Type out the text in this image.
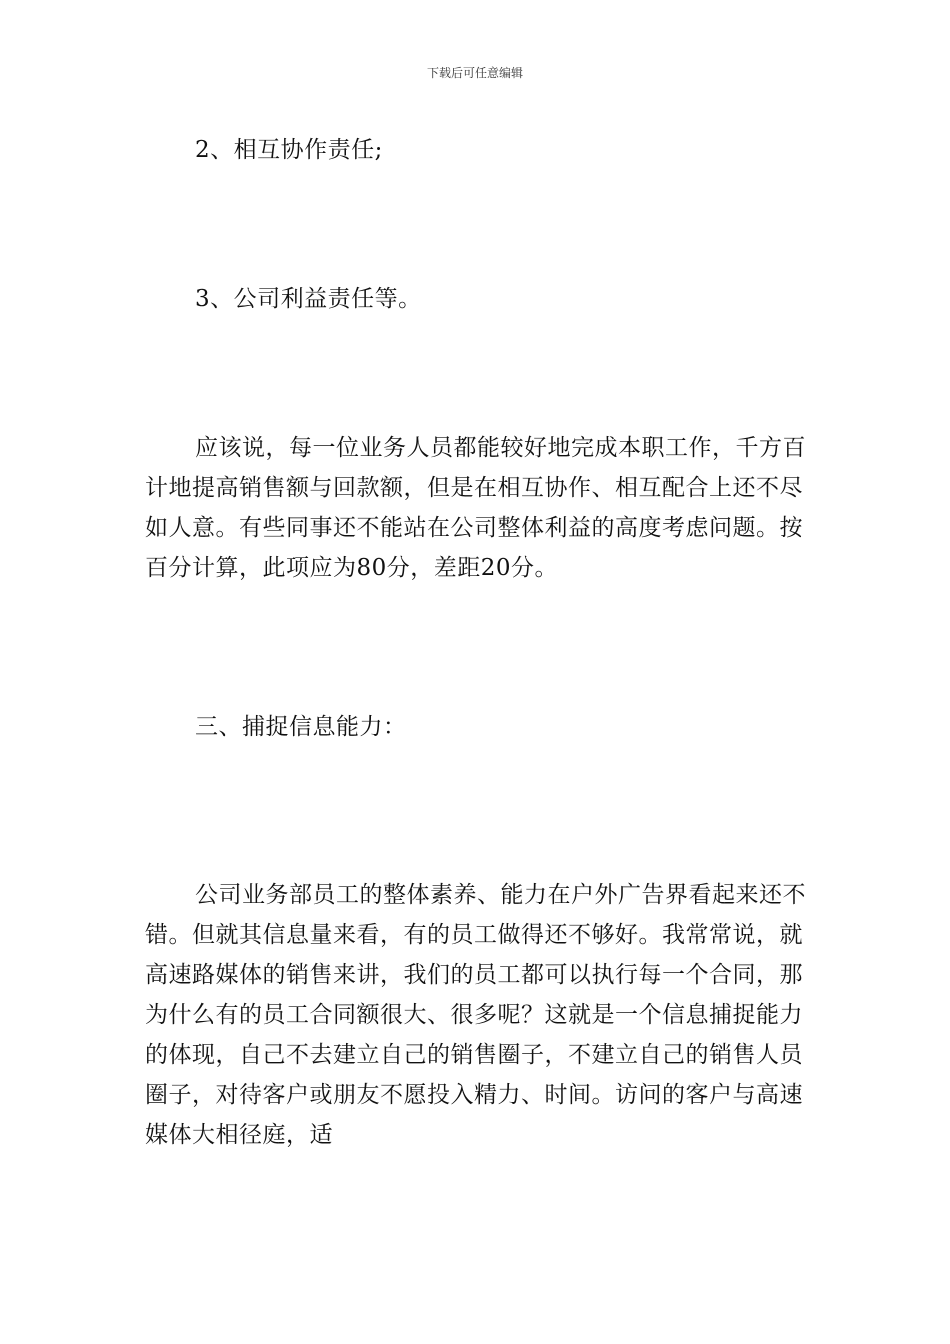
下载后可任意编辑

2、相互协作责任;

3、公司利益责任等。

应该说，每一位业务人员都能较好地完成本职工作，千方百计地提高销售额与回款额，但是在相互协作、相互配合上还不尽如人意。有些同事还不能站在公司整体利益的高度考虑问题。按百分计算，此项应为80分，差距20分。

三、捕捉信息能力：

公司业务部员工的整体素养、能力在户外广告界看起来还不错。但就其信息量来看，有的员工做得还不够好。我常常说，就高速路媒体的销售来讲，我们的员工都可以执行每一个合同，那为什么有的员工合同额很大、很多呢？这就是一个信息捕捉能力的体现，自己不去建立自己的销售圈子，不建立自己的销售人员圈子，对待客户或朋友不愿投入精力、时间。访问的客户与高速媒体大相径庭，适
